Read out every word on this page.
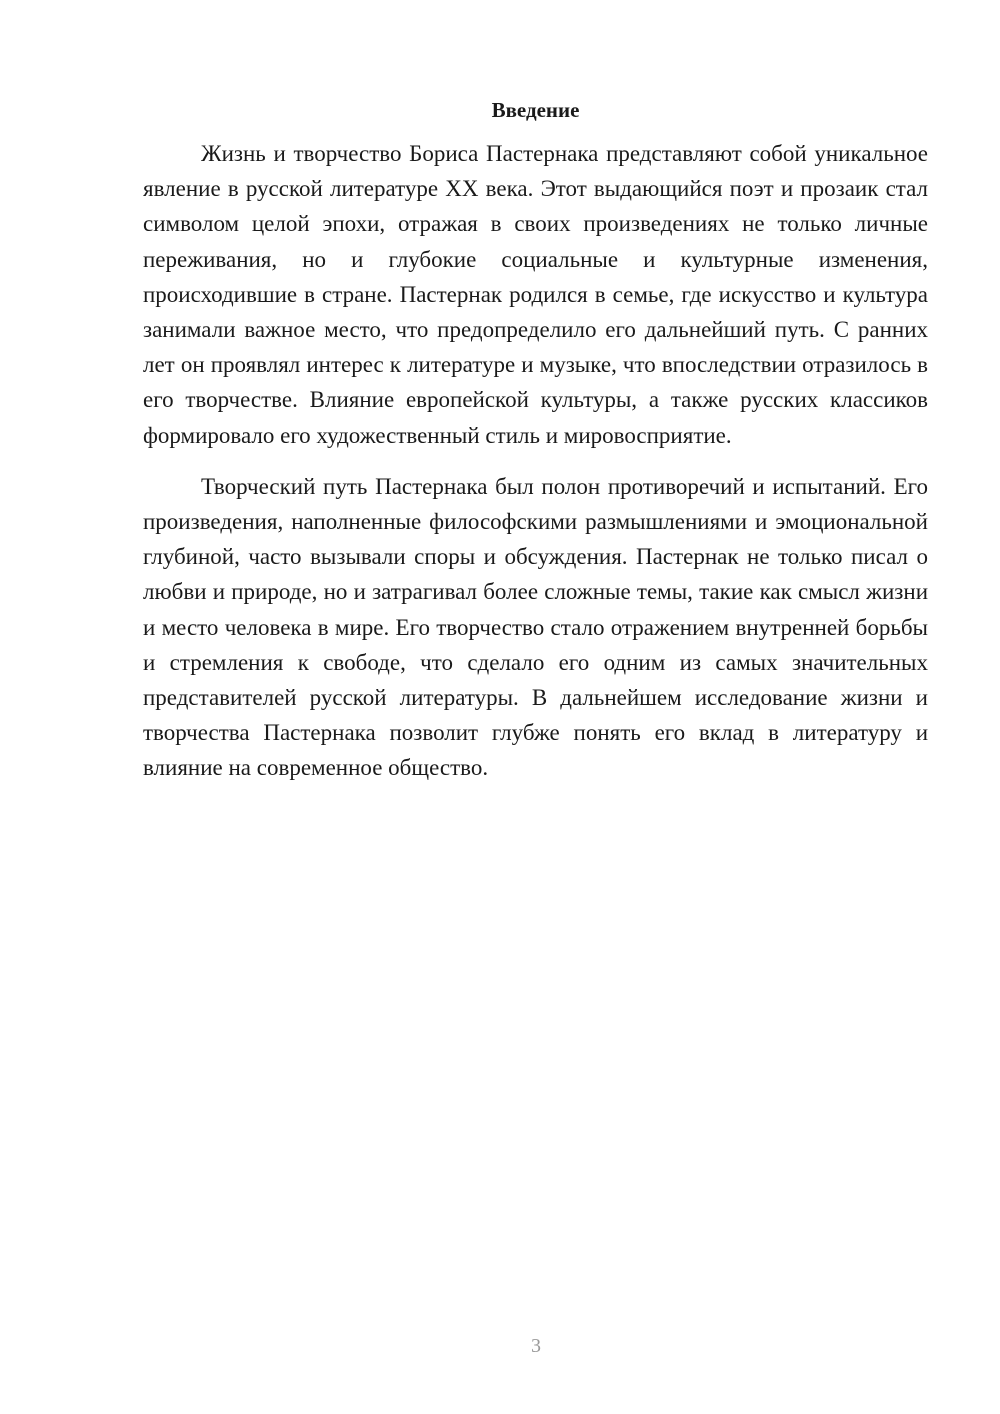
Введение

Жизнь и творчество Бориса Пастернака представляют собой уникальное явление в русской литературе XX века. Этот выдающийся поэт и прозаик стал символом целой эпохи, отражая в своих произведениях не только личные переживания, но и глубокие социальные и культурные изменения, происходившие в стране. Пастернак родился в семье, где искусство и культура занимали важное место, что предопределило его дальнейший путь. С ранних лет он проявлял интерес к литературе и музыке, что впоследствии отразилось в его творчестве. Влияние европейской культуры, а также русских классиков формировало его художественный стиль и мировосприятие.

Творческий путь Пастернака был полон противоречий и испытаний. Его произведения, наполненные философскими размышлениями и эмоциональной глубиной, часто вызывали споры и обсуждения. Пастернак не только писал о любви и природе, но и затрагивал более сложные темы, такие как смысл жизни и место человека в мире. Его творчество стало отражением внутренней борьбы и стремления к свободе, что сделало его одним из самых значительных представителей русской литературы. В дальнейшем исследование жизни и творчества Пастернака позволит глубже понять его вклад в литературу и влияние на современное общество.

3
